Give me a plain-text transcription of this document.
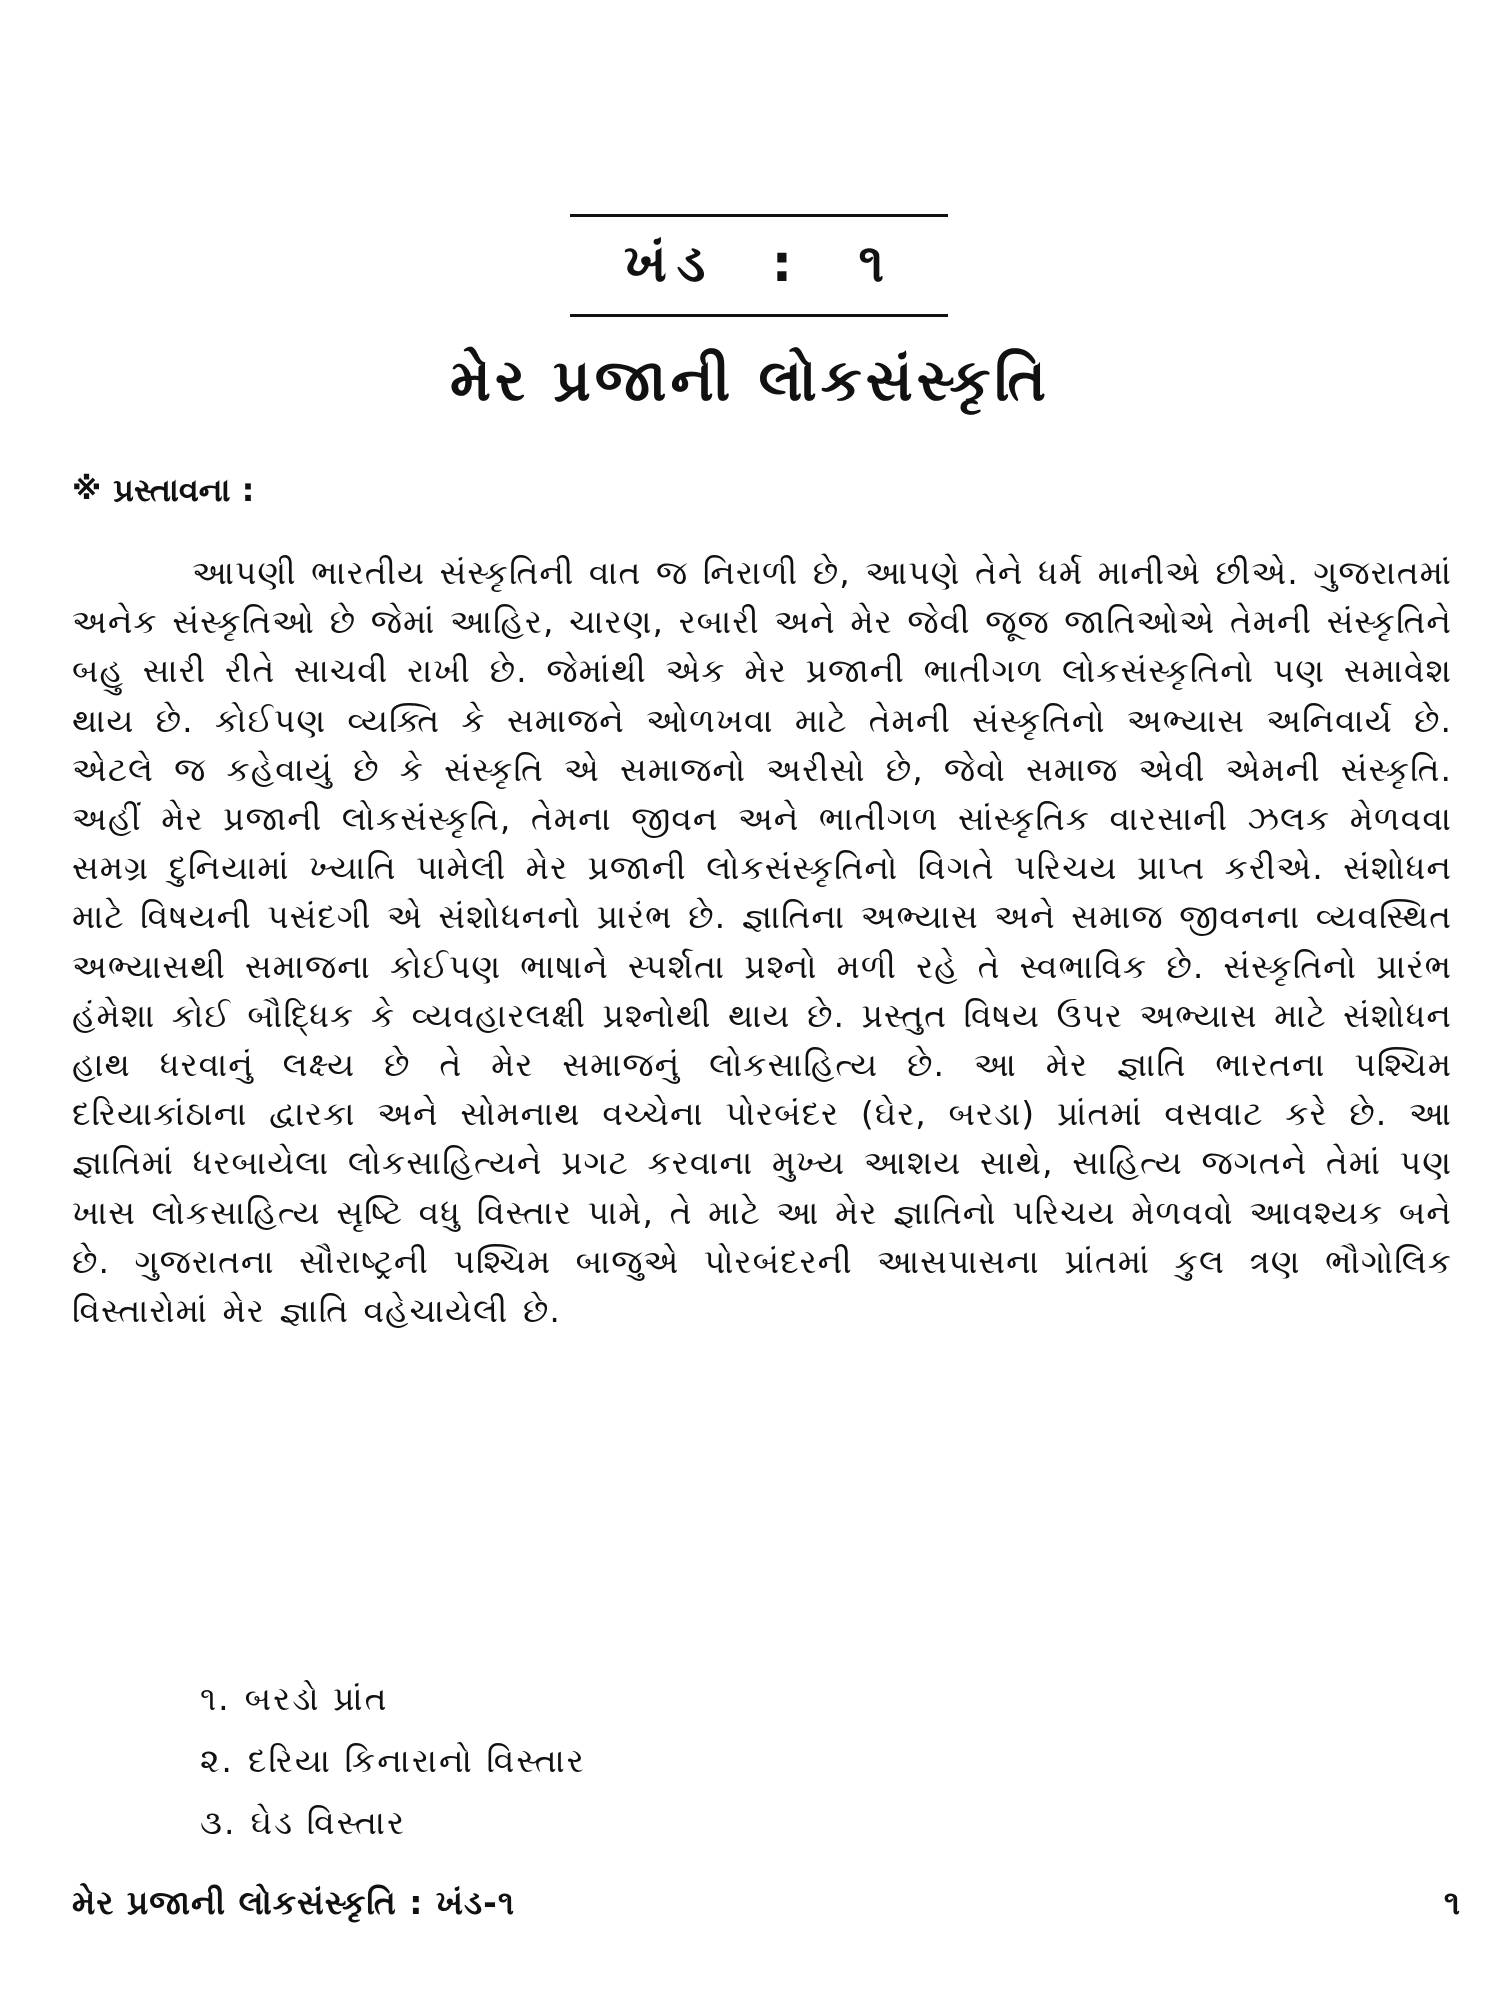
ખંડ  :  ૧
મેર પ્રજાની લોકસંસ્કૃતિ
※ પ્રસ્તાવના :
આપણી ભારતીય સંસ્કૃતિની વાત જ નિરાળી છે, આપણે તેને ધર્મ માનીએ છીએ. ગુજરાતમાં અનેક સંસ્કૃતિઓ છે જેમાં આહિર, ચારણ, રબારી અને મેર જેવી જૂજ જાતિઓએ તેમની સંસ્કૃતિને બહુ સારી રીતે સાચવી રાખી છે. જેમાંથી એક મેર પ્રજાની ભાતીગળ લોકસંસ્કૃતિનો પણ સમાવેશ થાય છે. કોઈપણ વ્યક્તિ કે સમાજને ઓળખવા માટે તેમની સંસ્કૃતિનો અભ્યાસ અનિવાર્ય છે. એટલે જ કહેવાયું છે કે સંસ્કૃતિ એ સમાજનો અરીસો છે, જેવો સમાજ એવી એમની સંસ્કૃતિ. અહીં મેર પ્રજાની લોકસંસ્કૃતિ, તેમના જીવન અને ભાતીગળ સાંસ્કૃતિક વારસાની ઝલક મેળવવા સમગ્ર દુનિયામાં ખ્યાતિ પામેલી મેર પ્રજાની લોકસંસ્કૃતિનો વિગતે પરિચય પ્રાપ્ત કરીએ. સંશોધન માટે વિષયની પસંદગી એ સંશોધનનો પ્રારંભ છે. જ્ઞાતિના અભ્યાસ અને સમાજ જીવનના વ્યવસ્થિત અભ્યાસથી સમાજના કોઈપણ ભાષાને સ્પર્શતા પ્રશ્નો મળી રહે તે સ્વભાવિક છે. સંસ્કૃતિનો પ્રારંભ હંમેશા કોઈ બૌદ્ધિક કે વ્યવહારલક્ષી પ્રશ્નોથી થાય છે. પ્રસ્તુત વિષય ઉપર અભ્યાસ માટે સંશોધન હાથ ધરવાનું લક્ષ્ય છે તે મેર સમાજનું લોકસાહિત્ય છે. આ મેર જ્ઞાતિ ભારતના પશ્ચિમ દરિયાકાંઠાના દ્વારકા અને સોમનાથ વચ્ચેના પોરબંદર (ઘેર, બરડા) પ્રાંતમાં વસવાટ કરે છે. આ જ્ઞાતિમાં ધરબાયેલા લોકસાહિત્યને પ્રગટ કરવાના મુખ્ય આશય સાથે, સાહિત્ય જગતને તેમાં પણ ખાસ લોકસાહિત્ય સૃષ્ટિ વધુ વિસ્તાર પામે, તે માટે આ મેર જ્ઞાતિનો પરિચય મેળવવો આવશ્યક બને છે. ગુજરાતના સૌરાષ્ટ્રની પશ્ચિમ બાજુએ પોરબંદરની આસપાસના પ્રાંતમાં કુલ ત્રણ ભૌગોલિક વિસ્તારોમાં મેર જ્ઞાતિ વહેચાયેલી છે.
૧. બરડો પ્રાંત
૨. દરિયા કિનારાનો વિસ્તાર
૩. ઘેડ વિસ્તાર
મેર પ્રજાની લોકસંસ્કૃતિ : ખંડ-૧	૧
